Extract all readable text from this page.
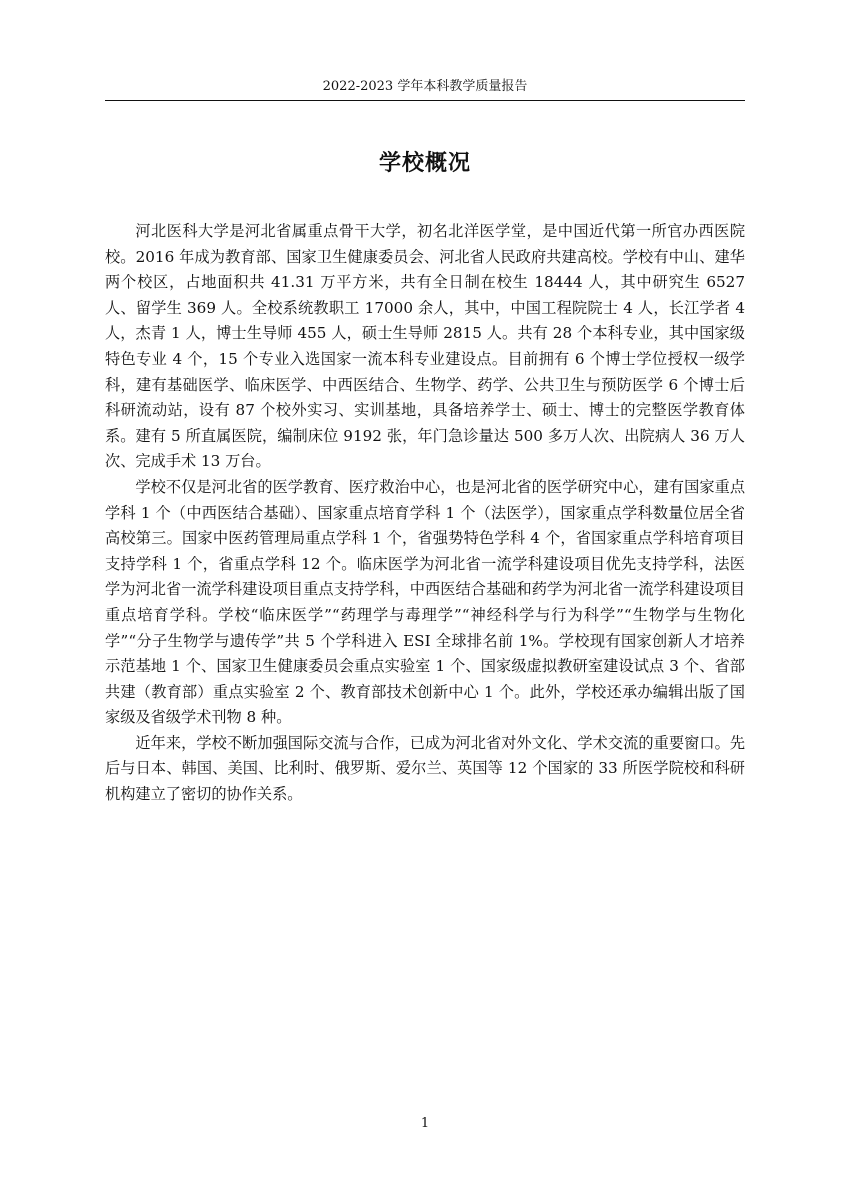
2022-2023 学年本科教学质量报告
学校概况

河北医科大学是河北省属重点骨干大学，初名北洋医学堂，是中国近代第一所官办西医院校。2016 年成为教育部、国家卫生健康委员会、河北省人民政府共建高校。学校有中山、建华两个校区，占地面积共 41.31 万平方米，共有全日制在校生 18444 人，其中研究生 6527 人、留学生 369 人。全校系统教职工 17000 余人，其中，中国工程院院士 4 人，长江学者 4 人，杰青 1 人，博士生导师 455 人，硕士生导师 2815 人。共有 28 个本科专业，其中国家级特色专业 4 个，15 个专业入选国家一流本科专业建设点。目前拥有 6 个博士学位授权一级学科，建有基础医学、临床医学、中西医结合、生物学、药学、公共卫生与预防医学 6 个博士后科研流动站，设有 87 个校外实习、实训基地，具备培养学士、硕士、博士的完整医学教育体系。建有 5 所直属医院，编制床位 9192 张，年门急诊量达 500 多万人次、出院病人 36 万人次、完成手术 13 万台。

学校不仅是河北省的医学教育、医疗救治中心，也是河北省的医学研究中心，建有国家重点学科 1 个（中西医结合基础）、国家重点培育学科 1 个（法医学），国家重点学科数量位居全省高校第三。国家中医药管理局重点学科 1 个，省强势特色学科 4 个，省国家重点学科培育项目支持学科 1 个，省重点学科 12 个。临床医学为河北省一流学科建设项目优先支持学科，法医学为河北省一流学科建设项目重点支持学科，中西医结合基础和药学为河北省一流学科建设项目重点培育学科。学校“临床医学”“药理学与毒理学”“神经科学与行为科学”“生物学与生物化学”“分子生物学与遗传学”共 5 个学科进入 ESI 全球排名前 1%。学校现有国家创新人才培养示范基地 1 个、国家卫生健康委员会重点实验室 1 个、国家级虚拟教研室建设试点 3 个、省部共建（教育部）重点实验室 2 个、教育部技术创新中心 1 个。此外，学校还承办编辑出版了国家级及省级学术刊物 8 种。

近年来，学校不断加强国际交流与合作，已成为河北省对外文化、学术交流的重要窗口。先后与日本、韩国、美国、比利时、俄罗斯、爱尔兰、英国等 12 个国家的 33 所医学院校和科研机构建立了密切的协作关系。

1
